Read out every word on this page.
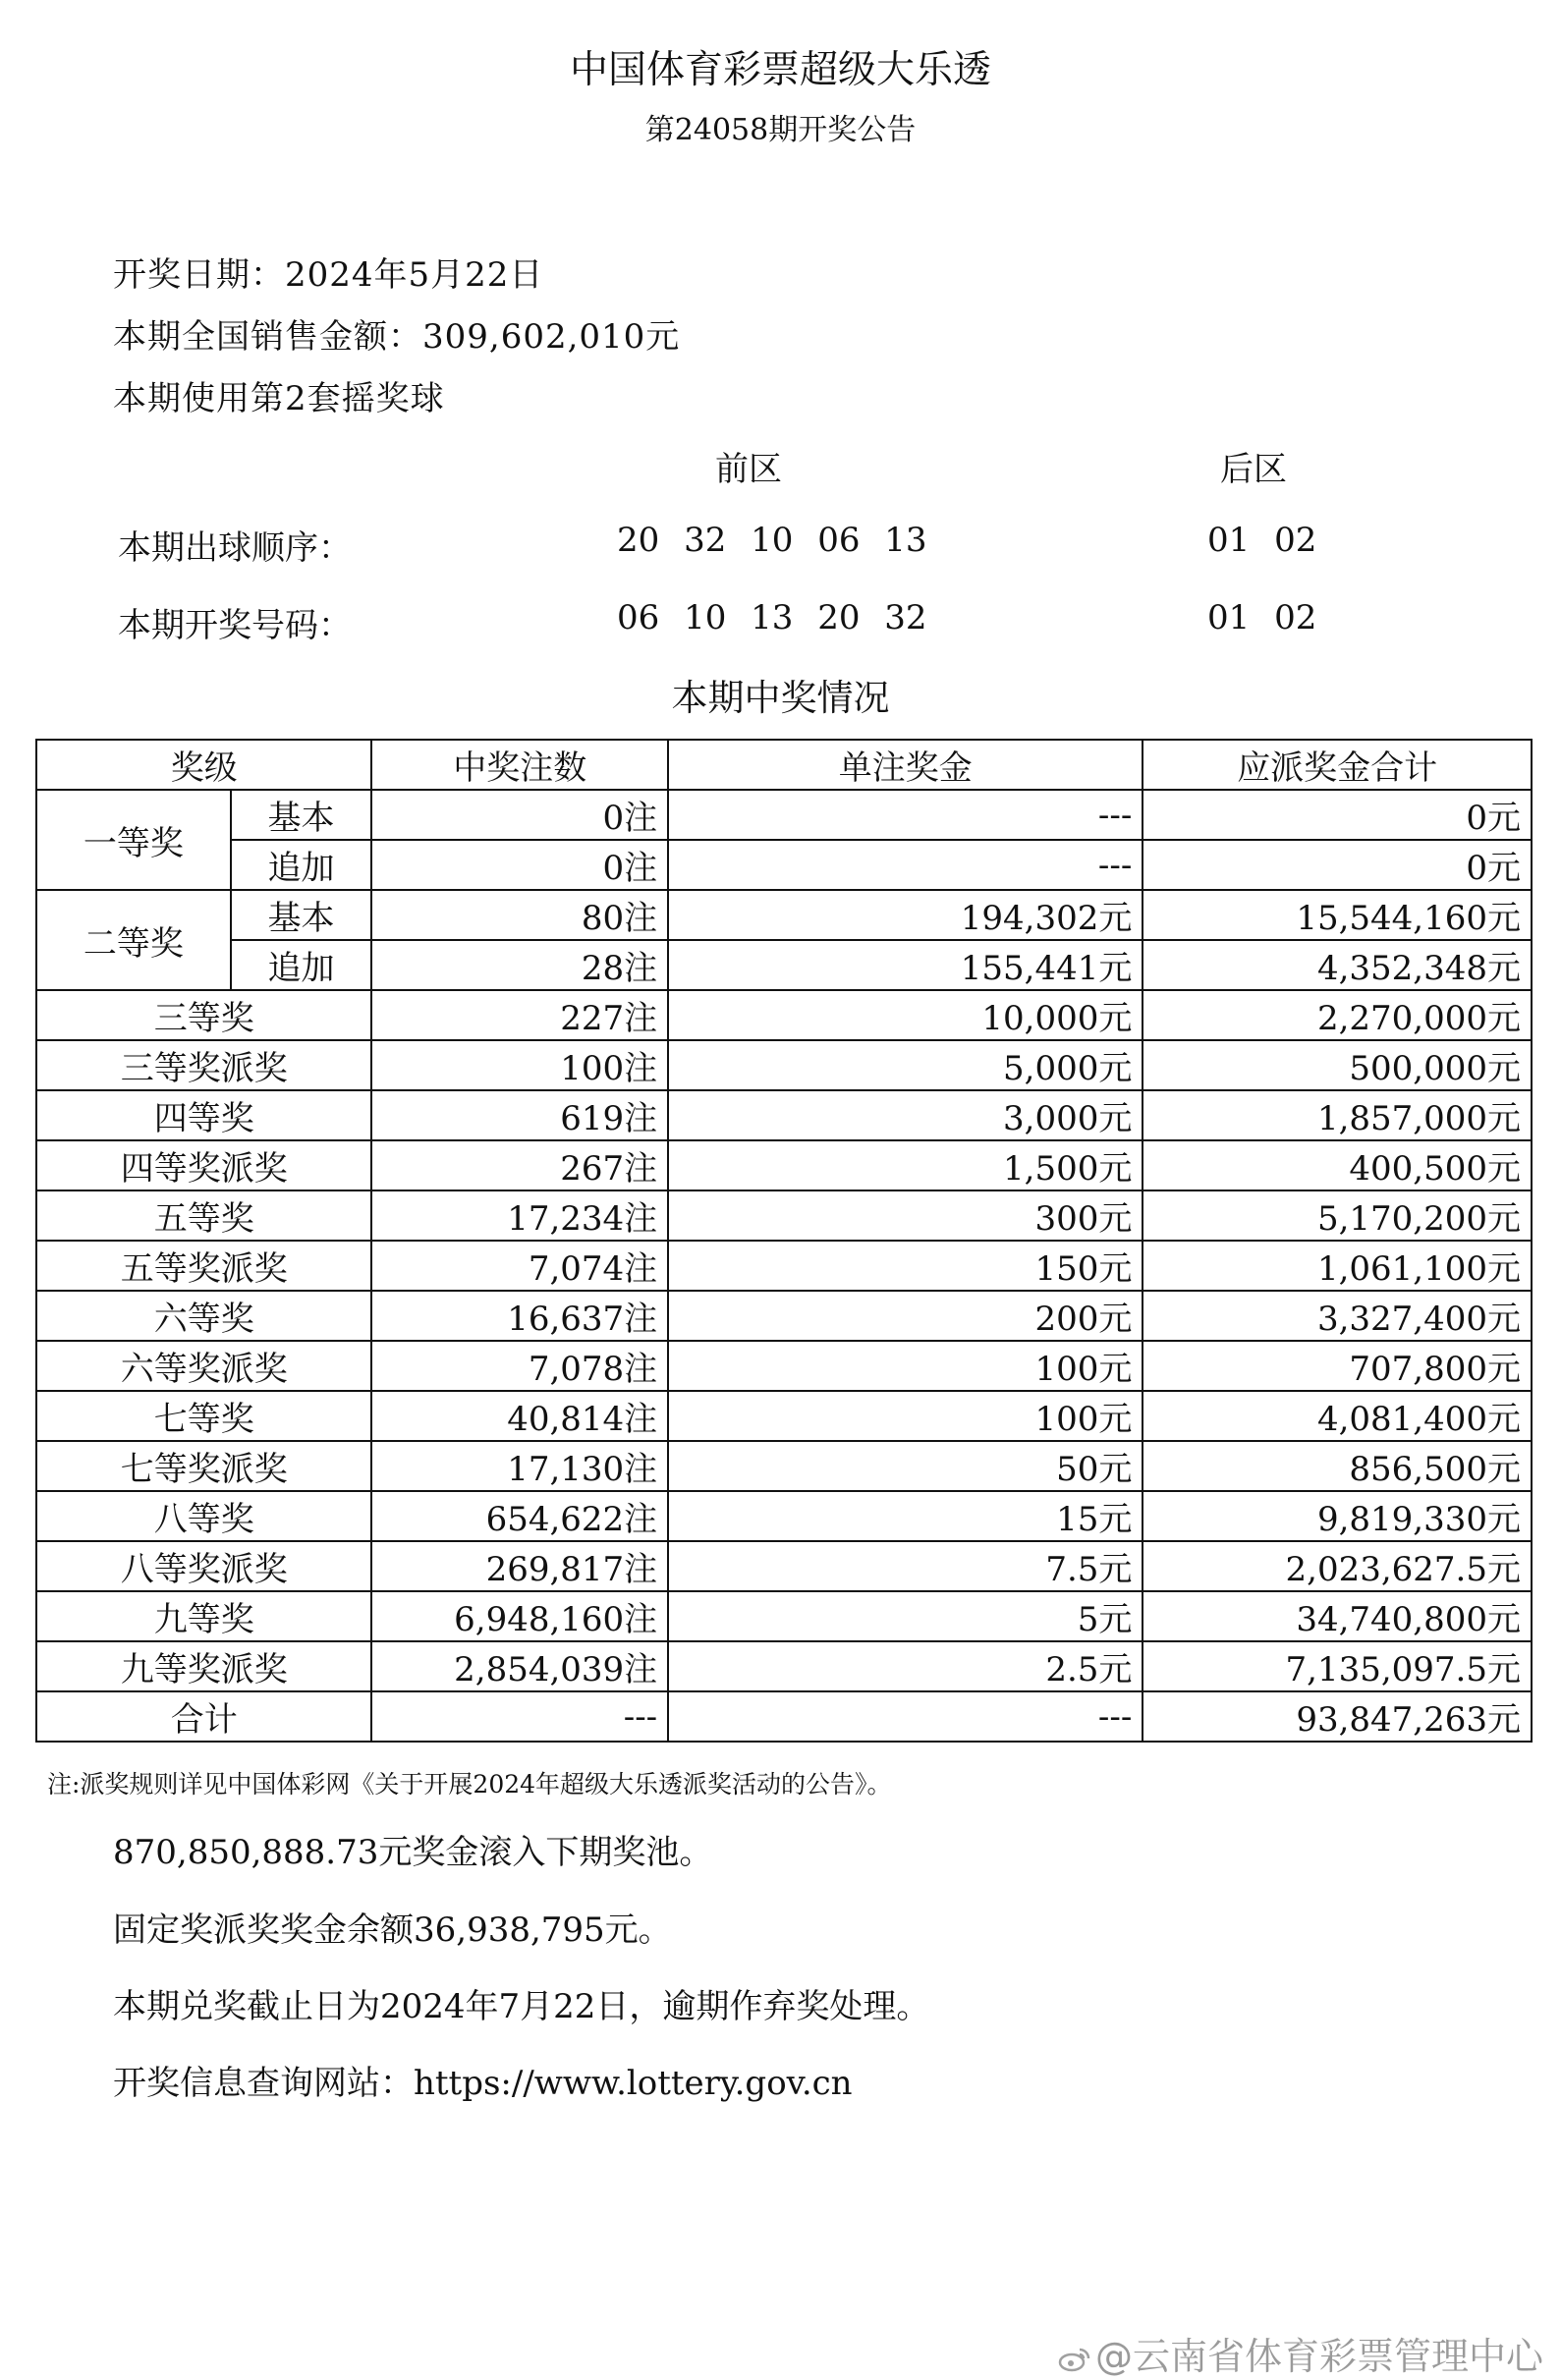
中国体育彩票超级大乐透
第24058期开奖公告
开奖日期：2024年5月22日
本期全国销售金额：309,602,010元
本期使用第2套摇奖球
前区	后区
本期出球顺序：	20 32 10 06 13	01 02
本期开奖号码：	06 10 13 20 32	01 02
本期中奖情况
奖级		中奖注数	单注奖金	应派奖金合计
一等奖	基本	0注	---	0元
	追加	0注	---	0元
二等奖	基本	80注	194,302元	15,544,160元
	追加	28注	155,441元	4,352,348元
三等奖		227注	10,000元	2,270,000元
三等奖派奖		100注	5,000元	500,000元
四等奖		619注	3,000元	1,857,000元
四等奖派奖		267注	1,500元	400,500元
五等奖		17,234注	300元	5,170,200元
五等奖派奖		7,074注	150元	1,061,100元
六等奖		16,637注	200元	3,327,400元
六等奖派奖		7,078注	100元	707,800元
七等奖		40,814注	100元	4,081,400元
七等奖派奖		17,130注	50元	856,500元
八等奖		654,622注	15元	9,819,330元
八等奖派奖		269,817注	7.5元	2,023,627.5元
九等奖		6,948,160注	5元	34,740,800元
九等奖派奖		2,854,039注	2.5元	7,135,097.5元
合计		---	---	93,847,263元
注:派奖规则详见中国体彩网《关于开展2024年超级大乐透派奖活动的公告》。
870,850,888.73元奖金滚入下期奖池。
固定奖派奖奖金余额36,938,795元。
本期兑奖截止日为2024年7月22日，逾期作弃奖处理。
开奖信息查询网站：https://www.lottery.gov.cn
@云南省体育彩票管理中心
